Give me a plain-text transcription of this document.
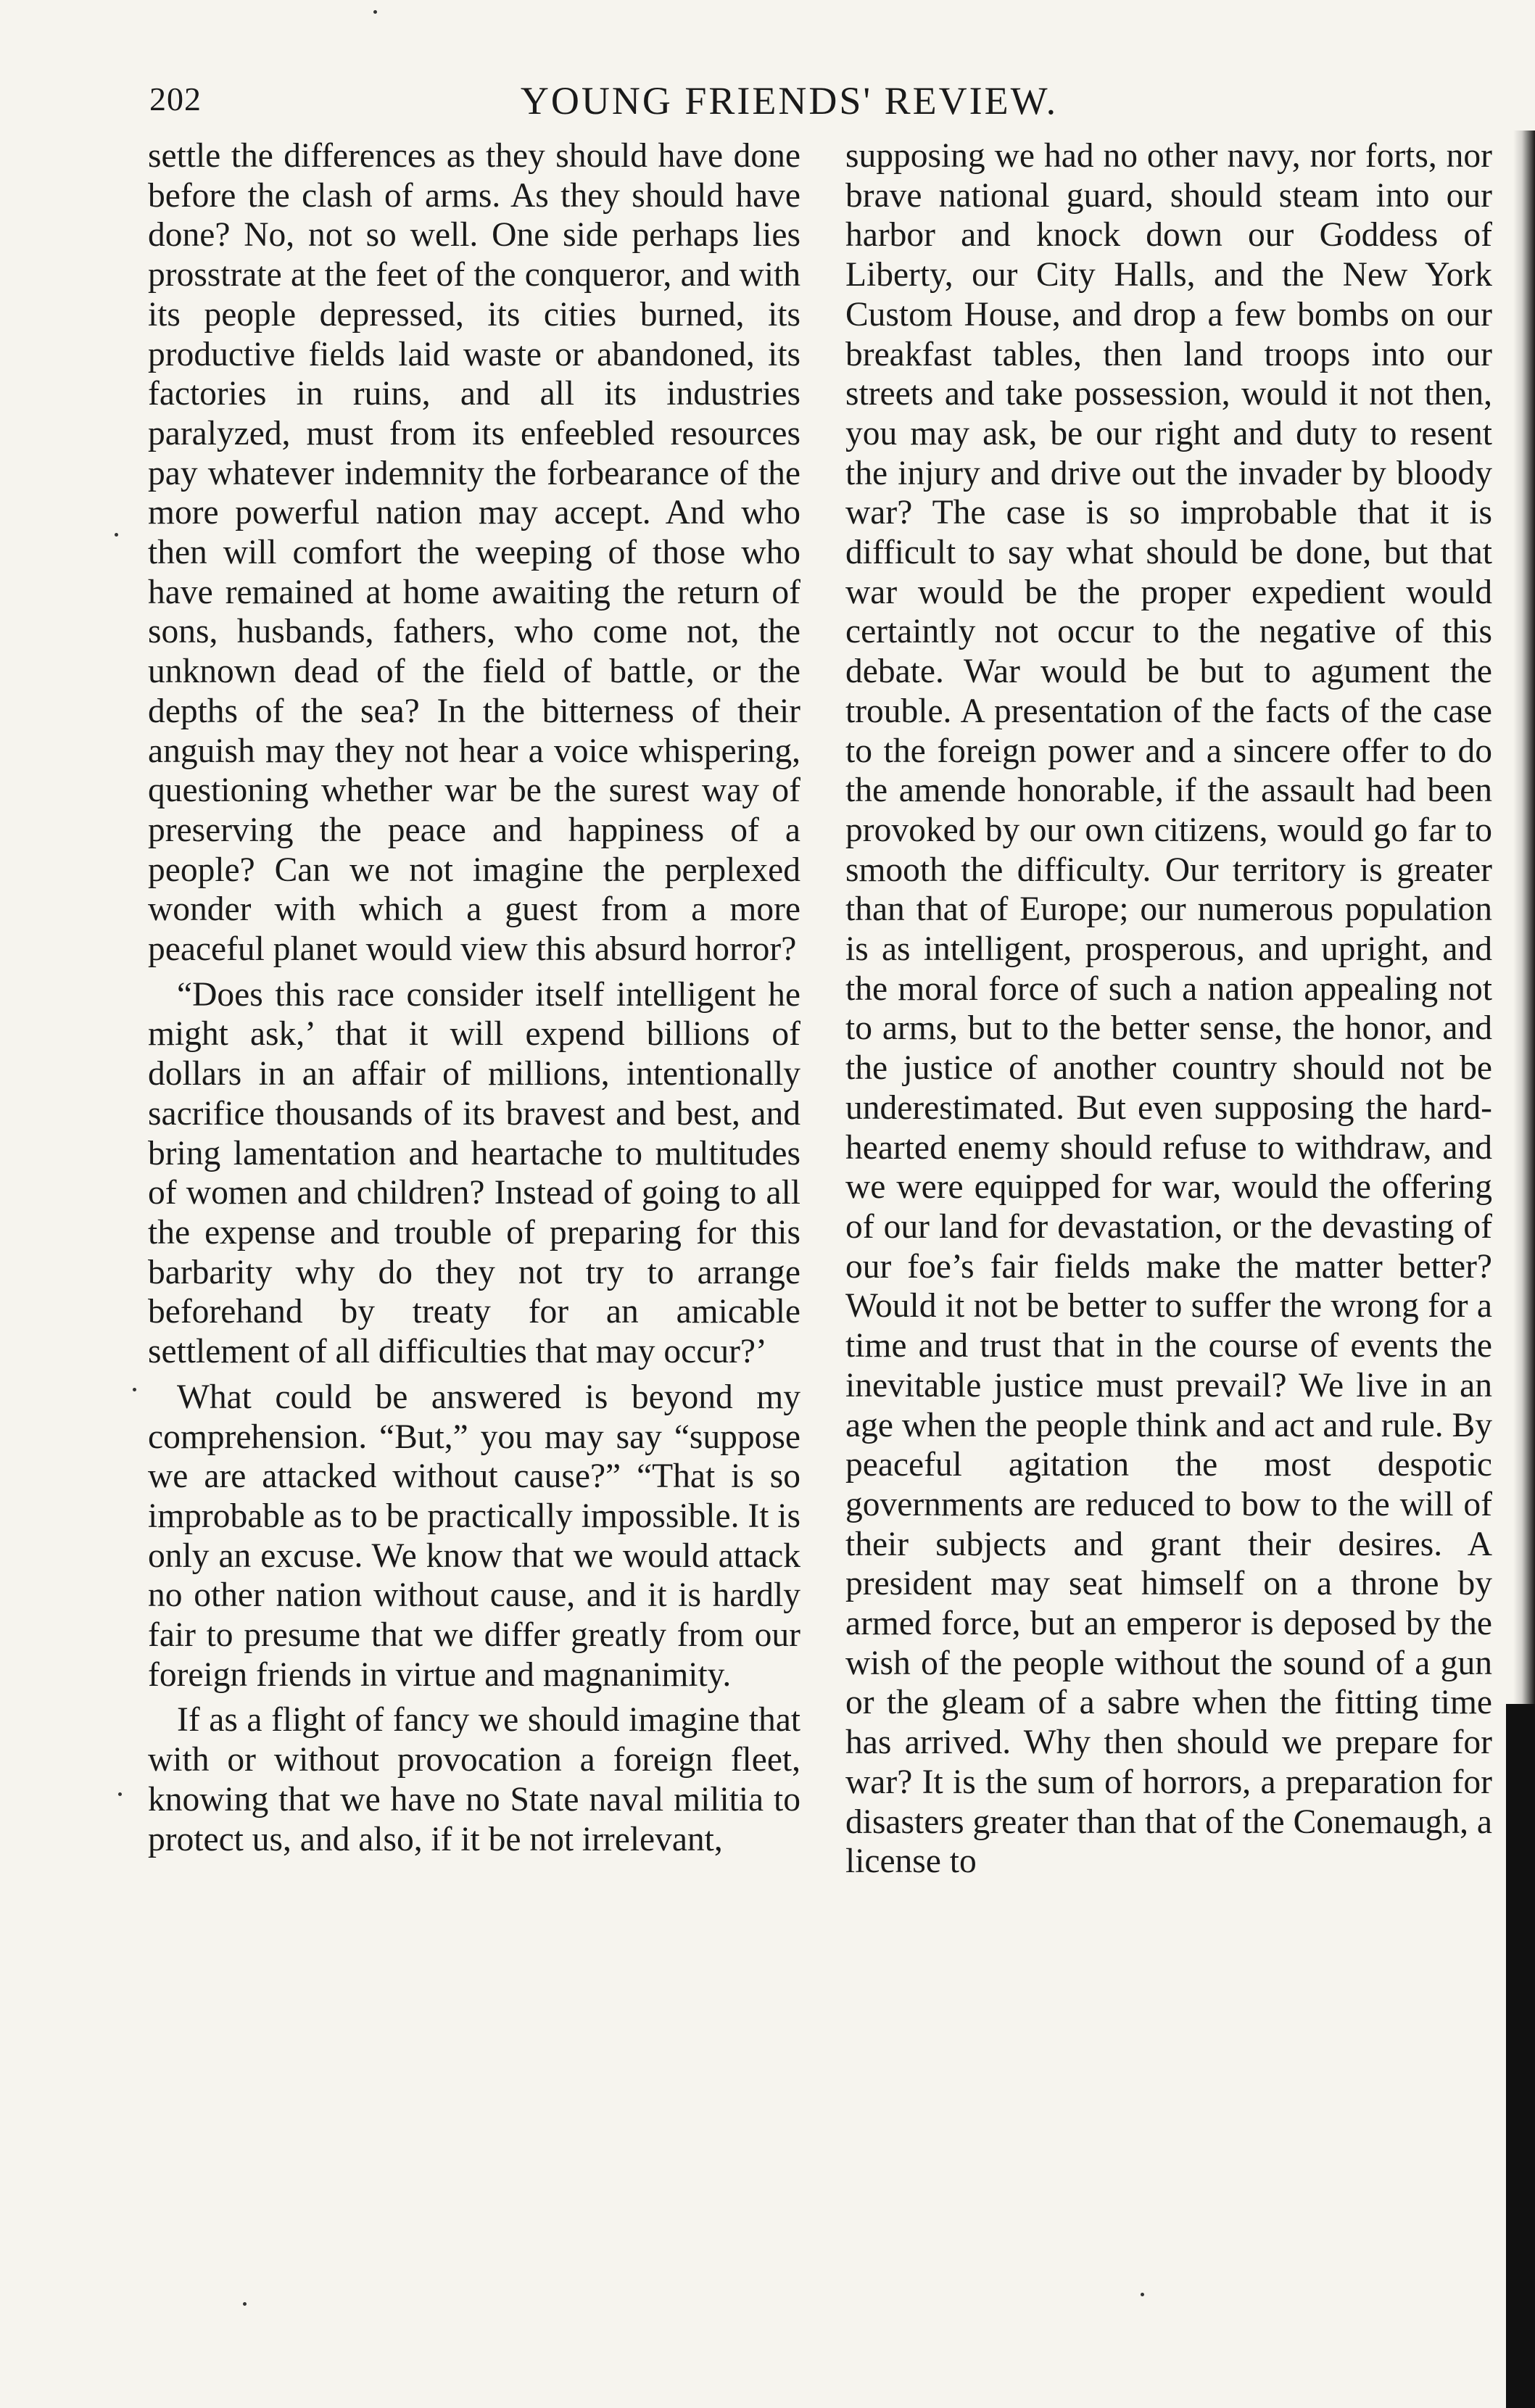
202	YOUNG FRIENDS' REVIEW.

settle the differences as they should have done before the clash of arms. As they should have done? No, not so well. One side perhaps lies prosstrate at the feet of the conqueror, and with its people depressed, its cities burned, its productive fields laid waste or abandoned, its factories in ruins, and all its industries paralyzed, must from its enfeebled resources pay whatever indemnity the forbearance of the more powerful nation may accept. And who then will comfort the weeping of those who have remained at home awaiting the return of sons, husbands, fathers, who come not, the unknown dead of the field of battle, or the depths of the sea? In the bitterness of their anguish may they not hear a voice whispering, questioning whether war be the surest way of preserving the peace and happiness of a people? Can we not imagine the perplexed wonder with which a guest from a more peaceful planet would view this absurd horror?

“Does this race consider itself intelligent he might ask,’ that it will expend billions of dollars in an affair of millions, intentionally sacrifice thousands of its bravest and best, and bring lamentation and heartache to multitudes of women and children? Instead of going to all the expense and trouble of preparing for this barbarity why do they not try to arrange beforehand by treaty for an amicable settlement of all difficulties that may occur?’

What could be answered is beyond my comprehension. “But,” you may say “suppose we are attacked without cause?” “That is so improbable as to be practically impossible. It is only an excuse. We know that we would attack no other nation without cause, and it is hardly fair to presume that we differ greatly from our foreign friends in virtue and magnanimity.

If as a flight of fancy we should imagine that with or without provocation a foreign fleet, knowing that we have no State naval militia to protect us, and also, if it be not irrelevant,

supposing we had no other navy, nor forts, nor brave national guard, should steam into our harbor and knock down our Goddess of Liberty, our City Halls, and the New York Custom House, and drop a few bombs on our breakfast tables, then land troops into our streets and take possession, would it not then, you may ask, be our right and duty to resent the injury and drive out the invader by bloody war? The case is so improbable that it is difficult to say what should be done, but that war would be the proper expedient would certaintly not occur to the negative of this debate. War would be but to agument the trouble. A presentation of the facts of the case to the foreign power and a sincere offer to do the amende honorable, if the assault had been provoked by our own citizens, would go far to smooth the difficulty. Our territory is greater than that of Europe; our numerous population is as intelligent, prosperous, and upright, and the moral force of such a nation appealing not to arms, but to the better sense, the honor, and the justice of another country should not be underestimated. But even supposing the hard-hearted enemy should refuse to withdraw, and we were equipped for war, would the offering of our land for devastation, or the devasting of our foe’s fair fields make the matter better? Would it not be better to suffer the wrong for a time and trust that in the course of events the inevitable justice must prevail? We live in an age when the people think and act and rule. By peaceful agitation the most despotic governments are reduced to bow to the will of their subjects and grant their desires. A president may seat himself on a throne by armed force, but an emperor is deposed by the wish of the people without the sound of a gun or the gleam of a sabre when the fitting time has arrived. Why then should we prepare for war? It is the sum of horrors, a preparation for disasters greater than that of the Conemaugh, a license to
